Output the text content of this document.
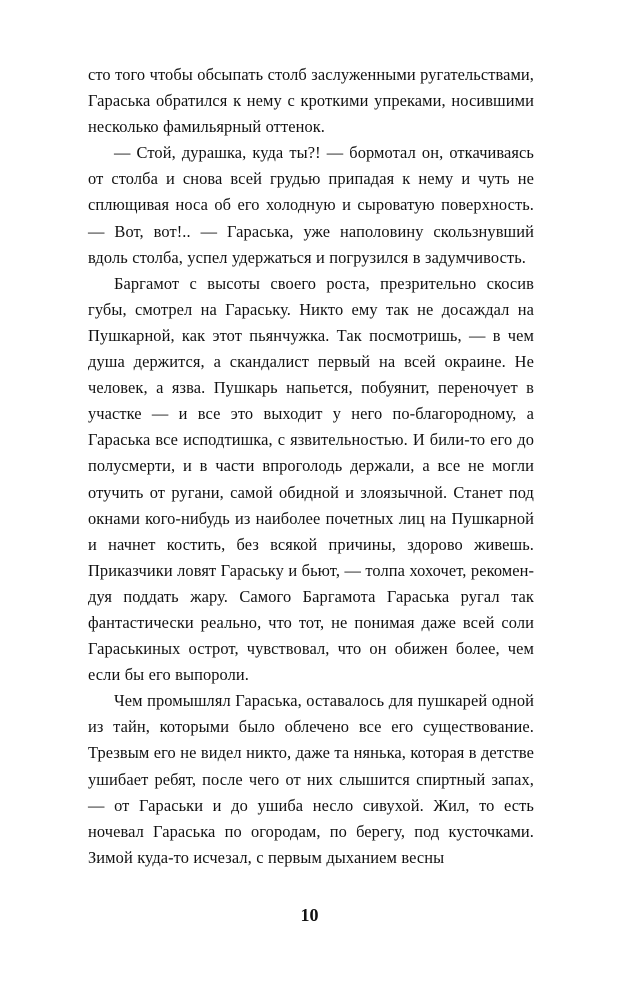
сто того чтобы обсыпать столб заслуженными ругательствами, Гараська обратился к нему с кроткими упреками, носившими несколько фамильярный оттенок.

— Стой, дурашка, куда ты?! — бормотал он, откачиваясь от столба и снова всей грудью припадая к нему и чуть не сплющивая носа об его холодную и сыроватую поверхность. — Вот, вот!.. — Гараська, уже наполовину скользнувший вдоль столба, успел удержаться и погрузился в задумчивость.

Баргамот с высоты своего роста, презрительно скосив губы, смотрел на Гараську. Никто ему так не досаждал на Пушкарной, как этот пьянчужка. Так посмотришь, — в чем душа держится, а скандалист первый на всей окраине. Не человек, а язва. Пушкарь напьется, побуянит, переночует в участке — и все это выходит у него по-благородному, а Гараська все исподтишка, с язвительностью. И били-то его до полусмерти, и в части впроголодь держали, а все не могли отучить от ругани, самой обидной и злоязычной. Станет под окнами кого-нибудь из наиболее почетных лиц на Пушкарной и начнет костить, без всякой причины, здорово живешь. Приказчики ловят Гараську и бьют, — толпа хохочет, рекомендуя поддать жару. Самого Баргамота Гараська ругал так фантастически реально, что тот, не понимая даже всей соли Гараськиных острот, чувствовал, что он обижен более, чем если бы его выпороли.

Чем промышлял Гараська, оставалось для пушкарей одной из тайн, которыми было облечено все его существование. Трезвым его не видел никто, даже та нянька, которая в детстве ушибает ребят, после чего от них слышится спиртный запах, — от Гараськи и до ушиба несло сивухой. Жил, то есть ночевал Гараська по огородам, по берегу, под кусточками. Зимой куда-то исчезал, с первым дыханием весны

10
